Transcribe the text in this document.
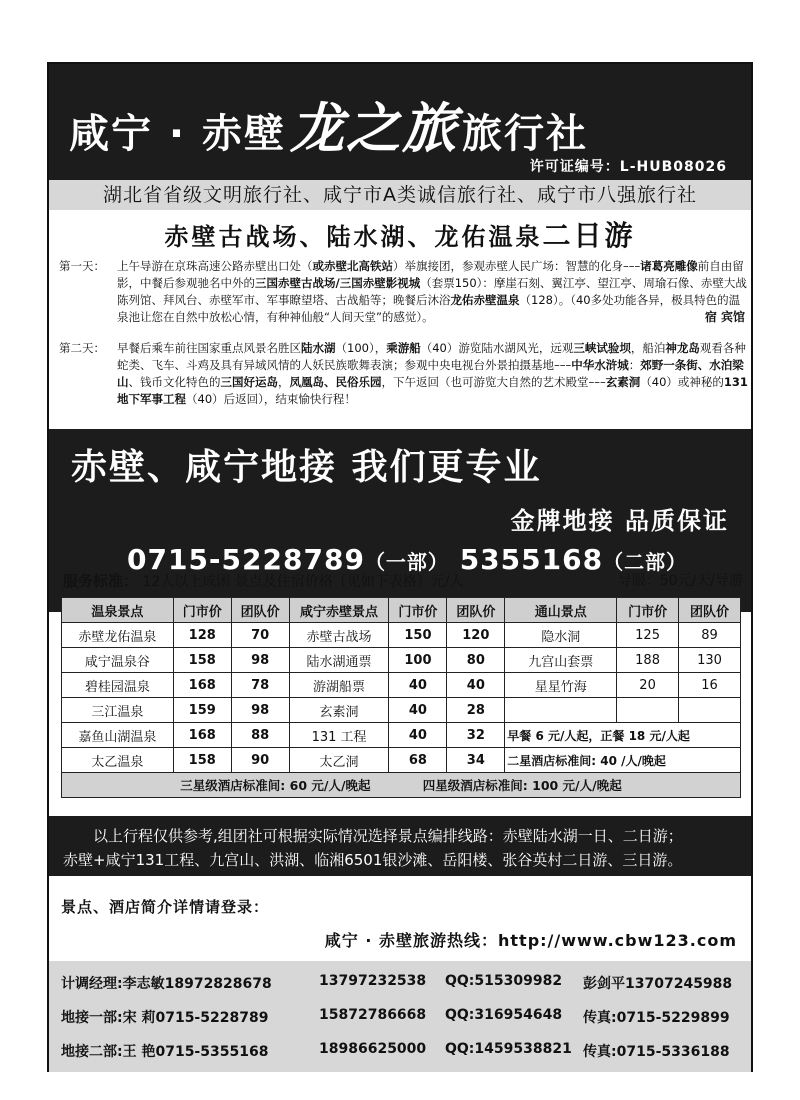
咸宁 · 赤壁龙之旅 旅行社
许可证编号：L-HUB08026
湖北省省级文明旅行社、咸宁市A类诚信旅行社、咸宁市八强旅行社
赤壁古战场、陆水湖、龙佑温泉二日游
第一天：	上午导游在京珠高速公路赤壁出口处（或赤壁北高铁站）举旗接团，参观赤壁人民广场：智慧的化身–––诸葛亮雕像前自由留影，中餐后参观驰名中外的三国赤壁古战场/三国赤壁影视城（套票150）：摩崖石刻、翼江亭、望江亭、周瑜石像、赤壁大战陈列馆、拜风台、赤壁军市、军事瞭望塔、古战船等；晚餐后沐浴龙佑赤壁温泉（128）。（40多处功能各异，极具特色的温泉池让您在自然中放松心情，有种神仙般“人间天堂”的感觉）。	宿 宾馆
第二天：	早餐后乘车前往国家重点风景名胜区陆水湖（100），乘游船（40）游览陆水湖风光，远观三峡试验坝，船泊神龙岛观看各种蛇类、飞车、斗鸡及具有异域风情的人妖民族歌舞表演；参观中央电视台外景拍摄基地–––中华水浒城：郊野一条街、水泊梁山、钱币文化特色的三国好运岛，凤凰岛、民俗乐园，下午返回（也可游览大自然的艺术殿堂–––玄素洞（40）或神秘的131地下军事工程（40）后返回），结束愉快行程！
赤壁、咸宁地接 我们更专业
金牌地接 品质保证
0715-5228789（一部） 5355168（二部）
服务标准： 12人以上成团 景点及住宿价格（见如下表格）元/人	导服：50元/天/导游
温泉景点	门市价	团队价	咸宁赤壁景点	门市价	团队价	通山景点	门市价	团队价
赤壁龙佑温泉	128	70	赤壁古战场	150	120	隐水洞	125	89
咸宁温泉谷	158	98	陆水湖通票	100	80	九宫山套票	188	130
碧桂园温泉	168	78	游湖船票	40	40	星星竹海	20	16
三江温泉	159	98	玄素洞	40	28			
嘉鱼山湖温泉	168	88	131 工程	40	32	早餐 6 元/人起，正餐 18 元/人起		
太乙温泉	158	90	太乙洞	68	34	二星酒店标准间: 40 /人/晚起		
三星级酒店标准间: 60 元/人/晚起 四星级酒店标准间: 100 元/人/晚起								
以上行程仅供参考,组团社可根据实际情况选择景点编排线路：赤壁陆水湖一日、二日游；
赤壁+咸宁131工程、九宫山、洪湖、临湘6501银沙滩、岳阳楼、张谷英村二日游、三日游。
景点、酒店简介详情请登录：
咸宁 · 赤壁旅游热线：http://www.cbw123.com
计调经理:李志敏18972828678	13797232538 QQ:515309982 彭剑平13707245988
地接一部:宋 莉0715-5228789	15872786668 QQ:316954648 传真:0715-5229899
地接二部:王 艳0715-5355168	18986625000 QQ:1459538821 传真:0715-5336188
